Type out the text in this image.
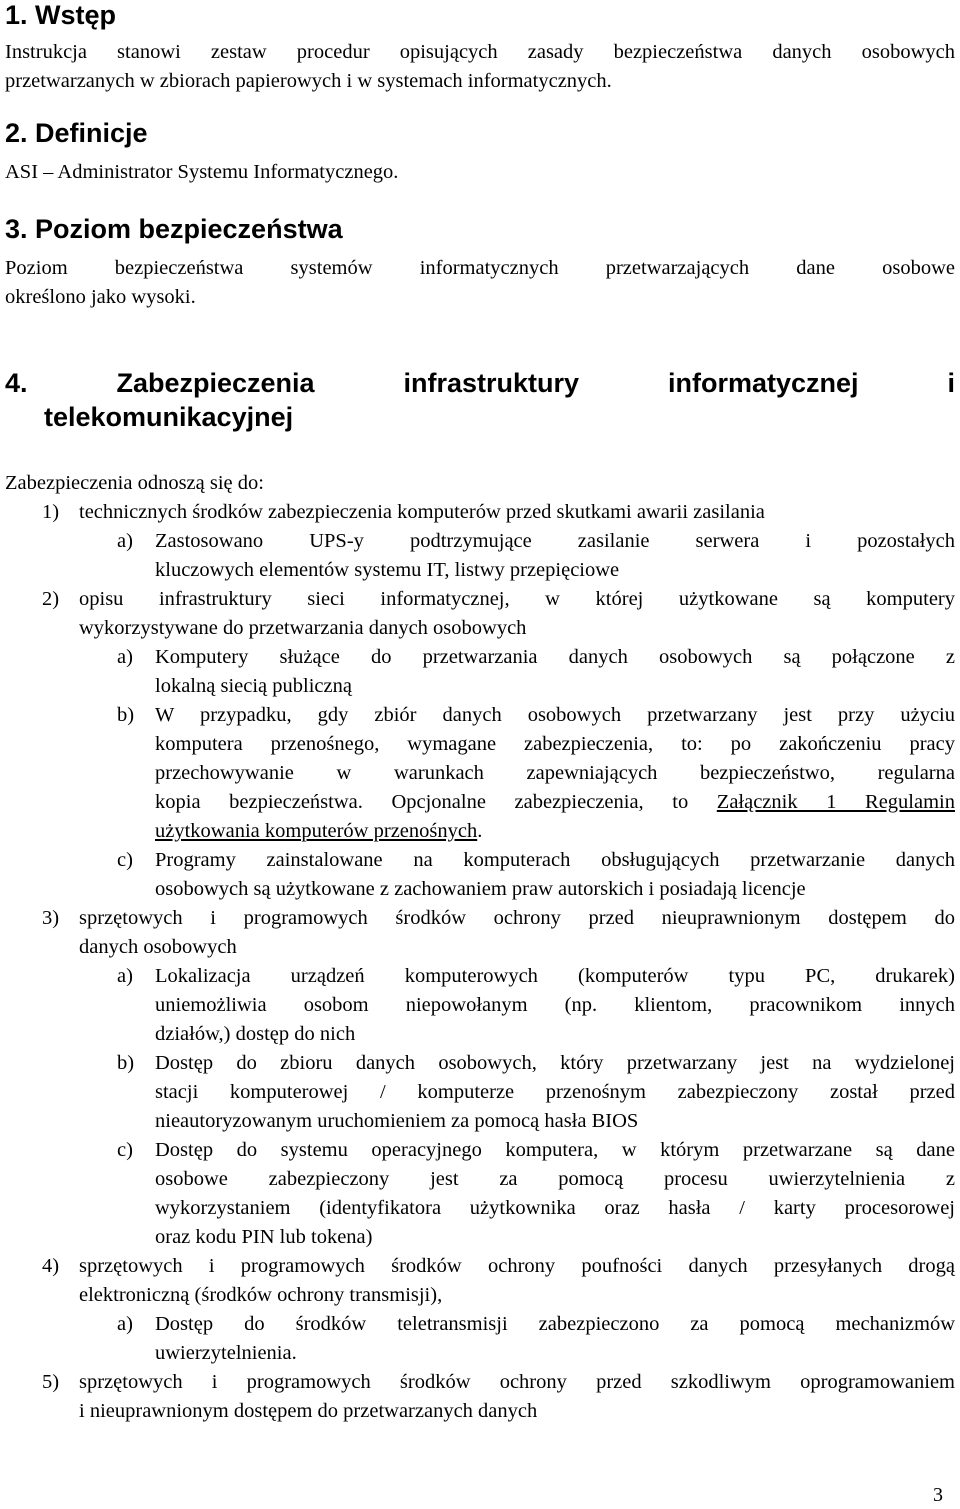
1. Wstęp
Instrukcja stanowi zestaw procedur opisujących zasady bezpieczeństwa danych osobowych
przetwarzanych w zbiorach papierowych i w systemach informatycznych.
2. Definicje
ASI – Administrator Systemu Informatycznego.
3. Poziom bezpieczeństwa
Poziom bezpieczeństwa systemów informatycznych przetwarzających dane osobowe
określono jako wysoki.
4. Zabezpieczenia infrastruktury informatycznej i
telekomunikacyjnej
Zabezpieczenia odnoszą się do:
1) technicznych środków zabezpieczenia komputerów przed skutkami awarii zasilania
a) Zastosowano UPS-y podtrzymujące zasilanie serwera i pozostałych
kluczowych elementów systemu IT, listwy przepięciowe
2) opisu infrastruktury sieci informatycznej, w której użytkowane są komputery
wykorzystywane do przetwarzania danych osobowych
a) Komputery służące do przetwarzania danych osobowych są połączone z
lokalną siecią publiczną
b) W przypadku, gdy zbiór danych osobowych przetwarzany jest przy użyciu
komputera przenośnego, wymagane zabezpieczenia, to: po zakończeniu pracy
przechowywanie w warunkach zapewniających bezpieczeństwo, regularna
kopia bezpieczeństwa. Opcjonalne zabezpieczenia, to Załącznik 1 Regulamin
użytkowania komputerów przenośnych.
c) Programy zainstalowane na komputerach obsługujących przetwarzanie danych
osobowych są użytkowane z zachowaniem praw autorskich i posiadają licencje
3) sprzętowych i programowych środków ochrony przed nieuprawnionym dostępem do
danych osobowych
a) Lokalizacja urządzeń komputerowych (komputerów typu PC, drukarek)
uniemożliwia osobom niepowołanym (np. klientom, pracownikom innych
działów,) dostęp do nich
b) Dostęp do zbioru danych osobowych, który przetwarzany jest na wydzielonej
stacji komputerowej / komputerze przenośnym zabezpieczony został przed
nieautoryzowanym uruchomieniem za pomocą hasła BIOS
c) Dostęp do systemu operacyjnego komputera, w którym przetwarzane są dane
osobowe zabezpieczony jest za pomocą procesu uwierzytelnienia z
wykorzystaniem (identyfikatora użytkownika oraz hasła / karty procesorowej
oraz kodu PIN lub tokena)
4) sprzętowych i programowych środków ochrony poufności danych przesyłanych drogą
elektroniczną (środków ochrony transmisji),
a) Dostęp do środków teletransmisji zabezpieczono za pomocą mechanizmów
uwierzytelnienia.
5) sprzętowych i programowych środków ochrony przed szkodliwym oprogramowaniem
i nieuprawnionym dostępem do przetwarzanych danych
3
